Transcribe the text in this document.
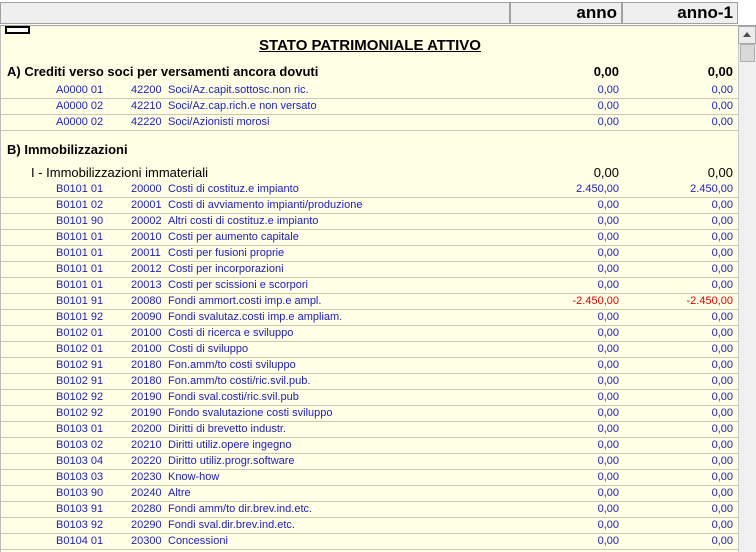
anno	anno-1
STATO PATRIMONIALE ATTIVO
A) Crediti verso soci per versamenti ancora dovuti	0,00	0,00
A0000 01	42200 Soci/Az.capit.sottosc.non ric.	0,00	0,00
A0000 02	42210 Soci/Az.cap.rich.e non versato	0,00	0,00
A0000 02	42220 Soci/Azionisti morosi	0,00	0,00
B) Immobilizzazioni
I - Immobilizzazioni immateriali	0,00	0,00
B0101 01	20000 Costi di costituz.e impianto	2.450,00	2.450,00
B0101 02	20001 Costi di avviamento impianti/produzione	0,00	0,00
B0101 90	20002 Altri costi di costituz.e impianto	0,00	0,00
B0101 01	20010 Costi per aumento capitale	0,00	0,00
B0101 01	20011 Costi per fusioni proprie	0,00	0,00
B0101 01	20012 Costi per incorporazioni	0,00	0,00
B0101 01	20013 Costi per scissioni e scorpori	0,00	0,00
B0101 91	20080 Fondi ammort.costi imp.e ampl.	-2.450,00	-2.450,00
B0101 92	20090 Fondi svalutaz.costi imp.e ampliam.	0,00	0,00
B0102 01	20100 Costi di ricerca e sviluppo	0,00	0,00
B0102 01	20100 Costi di sviluppo	0,00	0,00
B0102 91	20180 Fon.amm/to costi sviluppo	0,00	0,00
B0102 91	20180 Fon.amm/to costi/ric.svil.pub.	0,00	0,00
B0102 92	20190 Fondi sval.costi/ric.svil.pub	0,00	0,00
B0102 92	20190 Fondo svalutazione costi sviluppo	0,00	0,00
B0103 01	20200 Diritti di brevetto industr.	0,00	0,00
B0103 02	20210 Diritti utiliz.opere ingegno	0,00	0,00
B0103 04	20220 Diritto utiliz.progr.software	0,00	0,00
B0103 03	20230 Know-how	0,00	0,00
B0103 90	20240 Altre	0,00	0,00
B0103 91	20280 Fondi amm/to dir.brev.ind.etc.	0,00	0,00
B0103 92	20290 Fondi sval.dir.brev.ind.etc.	0,00	0,00
B0104 01	20300 Concessioni	0,00	0,00
